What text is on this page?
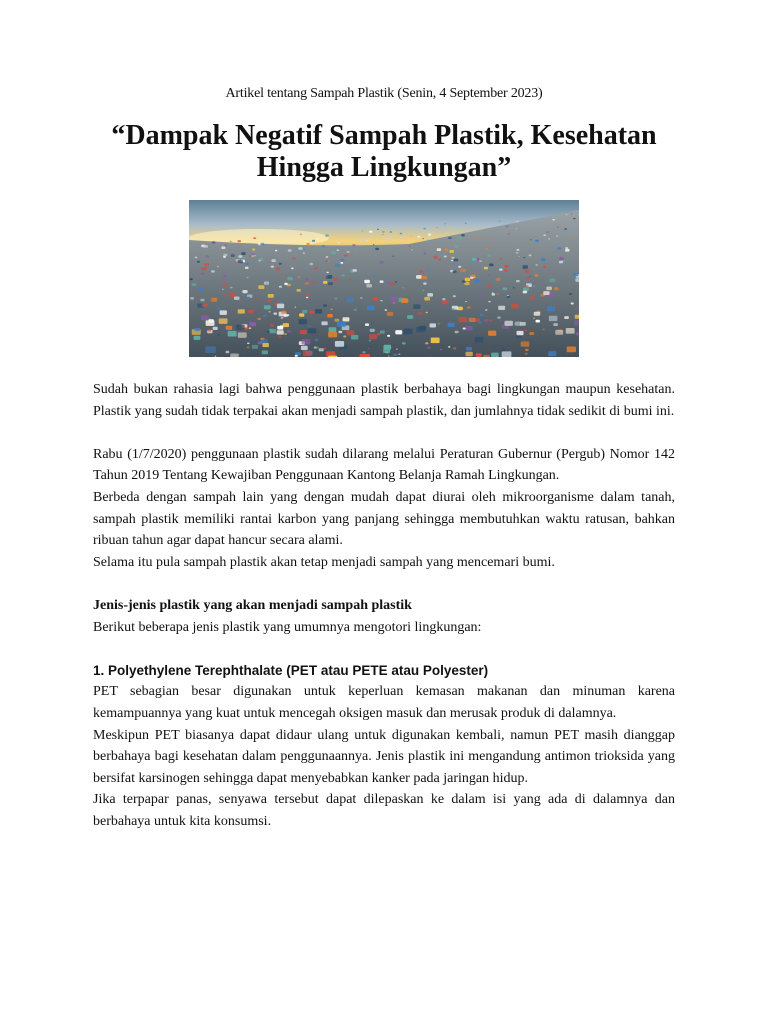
Artikel tentang Sampah Plastik (Senin, 4 September 2023)
“Dampak Negatif Sampah Plastik, Kesehatan
Hingga Lingkungan”

Sudah bukan rahasia lagi bahwa penggunaan plastik berbahaya bagi lingkungan maupun kesehatan. Plastik yang sudah tidak terpakai akan menjadi sampah plastik, dan jumlahnya tidak sedikit di bumi ini.

Rabu (1/7/2020) penggunaan plastik sudah dilarang melalui Peraturan Gubernur (Pergub) Nomor 142 Tahun 2019 Tentang Kewajiban Penggunaan Kantong Belanja Ramah Lingkungan.

Berbeda dengan sampah lain yang dengan mudah dapat diurai oleh mikroorganisme dalam tanah, sampah plastik memiliki rantai karbon yang panjang sehingga membutuhkan waktu ratusan, bahkan ribuan tahun agar dapat hancur secara alami.

Selama itu pula sampah plastik akan tetap menjadi sampah yang mencemari bumi.

Jenis-jenis plastik yang akan menjadi sampah plastik

Berikut beberapa jenis plastik yang umumnya mengotori lingkungan:

1. Polyethylene Terephthalate (PET atau PETE atau Polyester)

PET sebagian besar digunakan untuk keperluan kemasan makanan dan minuman karena kemampuannya yang kuat untuk mencegah oksigen masuk dan merusak produk di dalamnya.

Meskipun PET biasanya dapat didaur ulang untuk digunakan kembali, namun PET masih dianggap berbahaya bagi kesehatan dalam penggunaannya. Jenis plastik ini mengandung antimon trioksida yang bersifat karsinogen sehingga dapat menyebabkan kanker pada jaringan hidup.

Jika terpapar panas, senyawa tersebut dapat dilepaskan ke dalam isi yang ada di dalamnya dan berbahaya untuk kita konsumsi.
